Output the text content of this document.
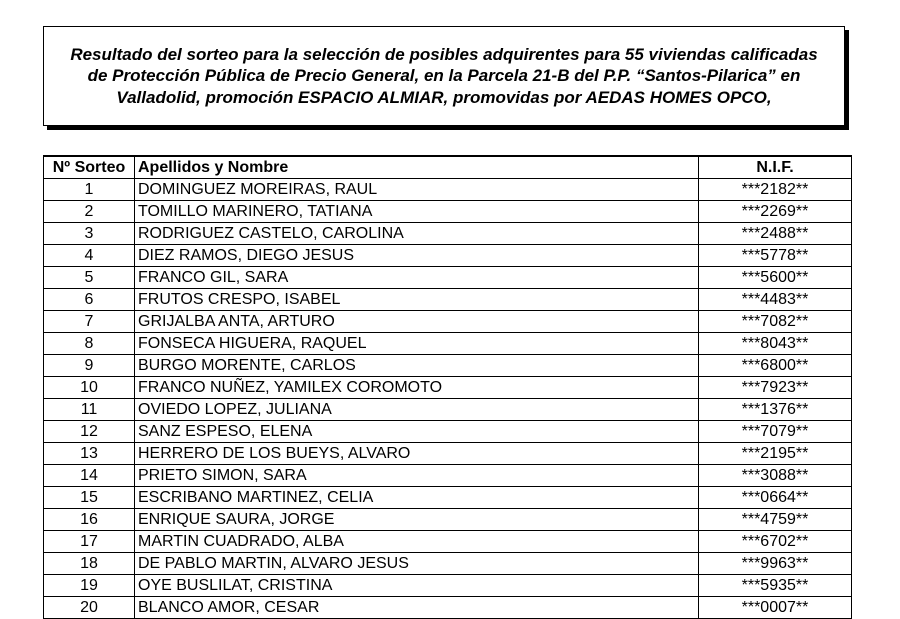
Resultado del sorteo para la selección de posibles adquirentes para 55 viviendas calificadas de Protección Pública de Precio General, en la Parcela 21-B del P.P. “Santos-Pilarica” en Valladolid, promoción ESPACIO ALMIAR, promovidas por AEDAS HOMES OPCO,
Nº Sorteo	Apellidos y Nombre	N.I.F.
1	DOMINGUEZ MOREIRAS, RAUL	***2182**
2	TOMILLO MARINERO, TATIANA	***2269**
3	RODRIGUEZ CASTELO, CAROLINA	***2488**
4	DIEZ RAMOS, DIEGO JESUS	***5778**
5	FRANCO GIL, SARA	***5600**
6	FRUTOS CRESPO, ISABEL	***4483**
7	GRIJALBA ANTA, ARTURO	***7082**
8	FONSECA HIGUERA, RAQUEL	***8043**
9	BURGO MORENTE, CARLOS	***6800**
10	FRANCO NUÑEZ, YAMILEX COROMOTO	***7923**
11	OVIEDO LOPEZ, JULIANA	***1376**
12	SANZ ESPESO, ELENA	***7079**
13	HERRERO DE LOS BUEYS, ALVARO	***2195**
14	PRIETO SIMON, SARA	***3088**
15	ESCRIBANO MARTINEZ, CELIA	***0664**
16	ENRIQUE SAURA, JORGE	***4759**
17	MARTIN CUADRADO, ALBA	***6702**
18	DE PABLO MARTIN, ALVARO JESUS	***9963**
19	OYE BUSLILAT, CRISTINA	***5935**
20	BLANCO AMOR, CESAR	***0007**
